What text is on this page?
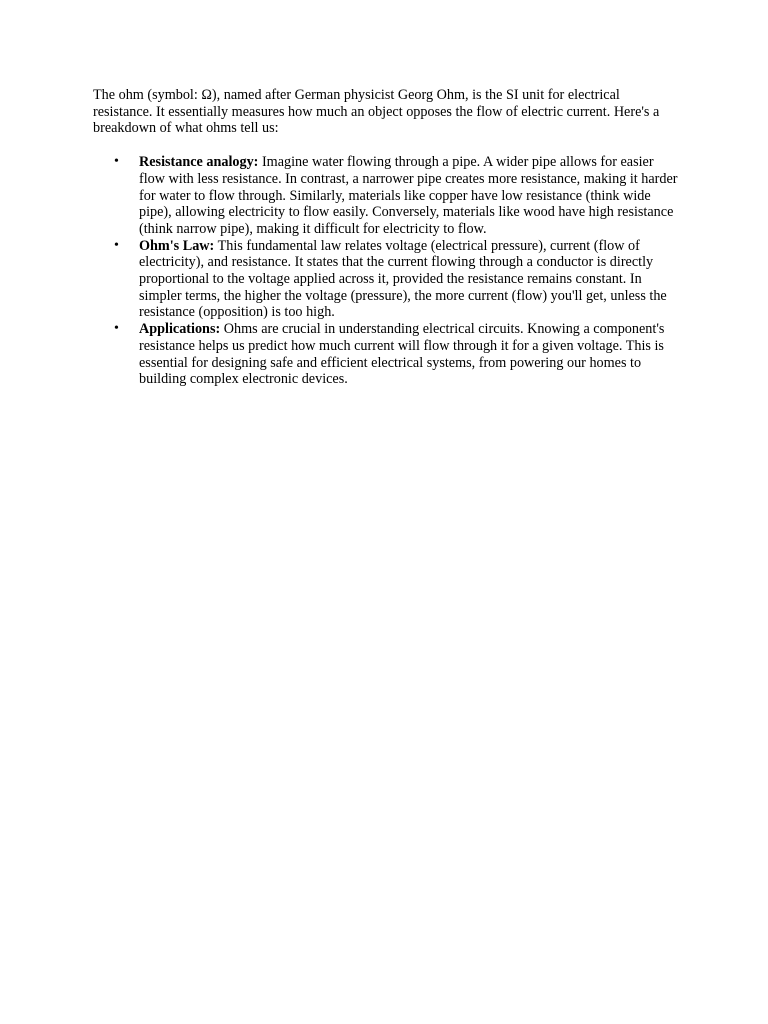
The ohm (symbol: Ω), named after German physicist Georg Ohm, is the SI unit for electrical resistance. It essentially measures how much an object opposes the flow of electric current. Here's a breakdown of what ohms tell us:

• Resistance analogy: Imagine water flowing through a pipe. A wider pipe allows for easier flow with less resistance. In contrast, a narrower pipe creates more resistance, making it harder for water to flow through. Similarly, materials like copper have low resistance (think wide pipe), allowing electricity to flow easily. Conversely, materials like wood have high resistance (think narrow pipe), making it difficult for electricity to flow.
• Ohm's Law: This fundamental law relates voltage (electrical pressure), current (flow of electricity), and resistance. It states that the current flowing through a conductor is directly proportional to the voltage applied across it, provided the resistance remains constant. In simpler terms, the higher the voltage (pressure), the more current (flow) you'll get, unless the resistance (opposition) is too high.
• Applications: Ohms are crucial in understanding electrical circuits. Knowing a component's resistance helps us predict how much current will flow through it for a given voltage. This is essential for designing safe and efficient electrical systems, from powering our homes to building complex electronic devices.
